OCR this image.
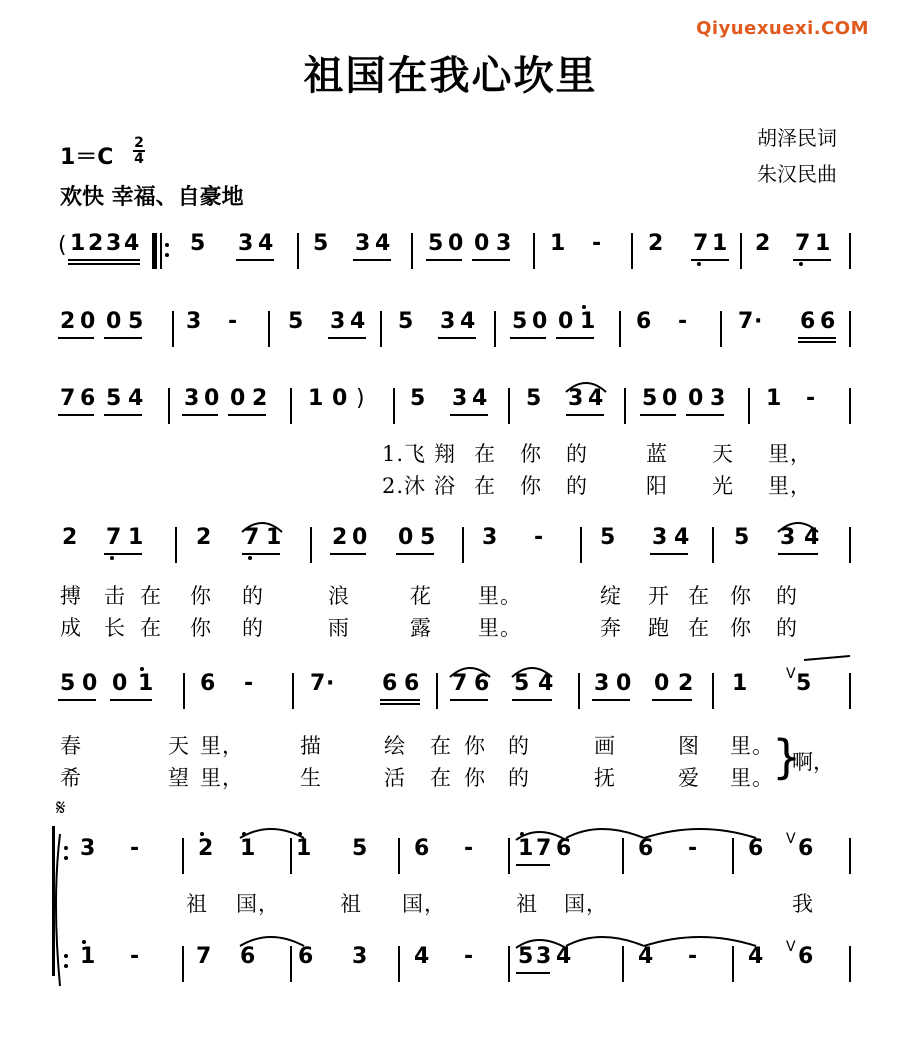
Qiyuexuexi.COM
祖国在我心坎里
1＝C
2
4
欢快 幸福、自豪地
胡泽民词
朱汉民曲
( 1 2 3 4 5 3 4 5 3 4 5 0 0 3 1 - 2 7 1 2 7 1
2 0 0 5 3 - 5 3 4 5 3 4 5 0 0 1 6 - 7 · 6 6
7 6 5 4 3 0 0 2 1 0 ) 5 3 4 5 3 4 5 0 0 3 1 -
1.飞 翔 在 你 的	蓝 天 里，
2.沐 浴 在 你 的	阳 光 里，
2 7 1 2 7 1 2 0 0 5 3 -	5 3 4 5 3 4
搏 击 在 你 的	浪	花 里。	绽 开 在 你 的
成 长 在 你 的	雨	露 里。	奔 跑 在 你 的
5 0 0 1 6 -	7 · 6 6 7 6 5 4 3 0 0 2 1	V 5
春	天 里，	描	绘 在 你 的	画	图 里。
希	望 里，	生	活 在 你 的	抚	爱 里。
}
啊，
𝄋
3 -	2 1 1 5 6 - 1 7 6	6 - 6 V 6
祖 国，	祖 国，	祖 国，	我
1 -	7 6 6 3 4 - 5 3 4	4 - 4 V 6
